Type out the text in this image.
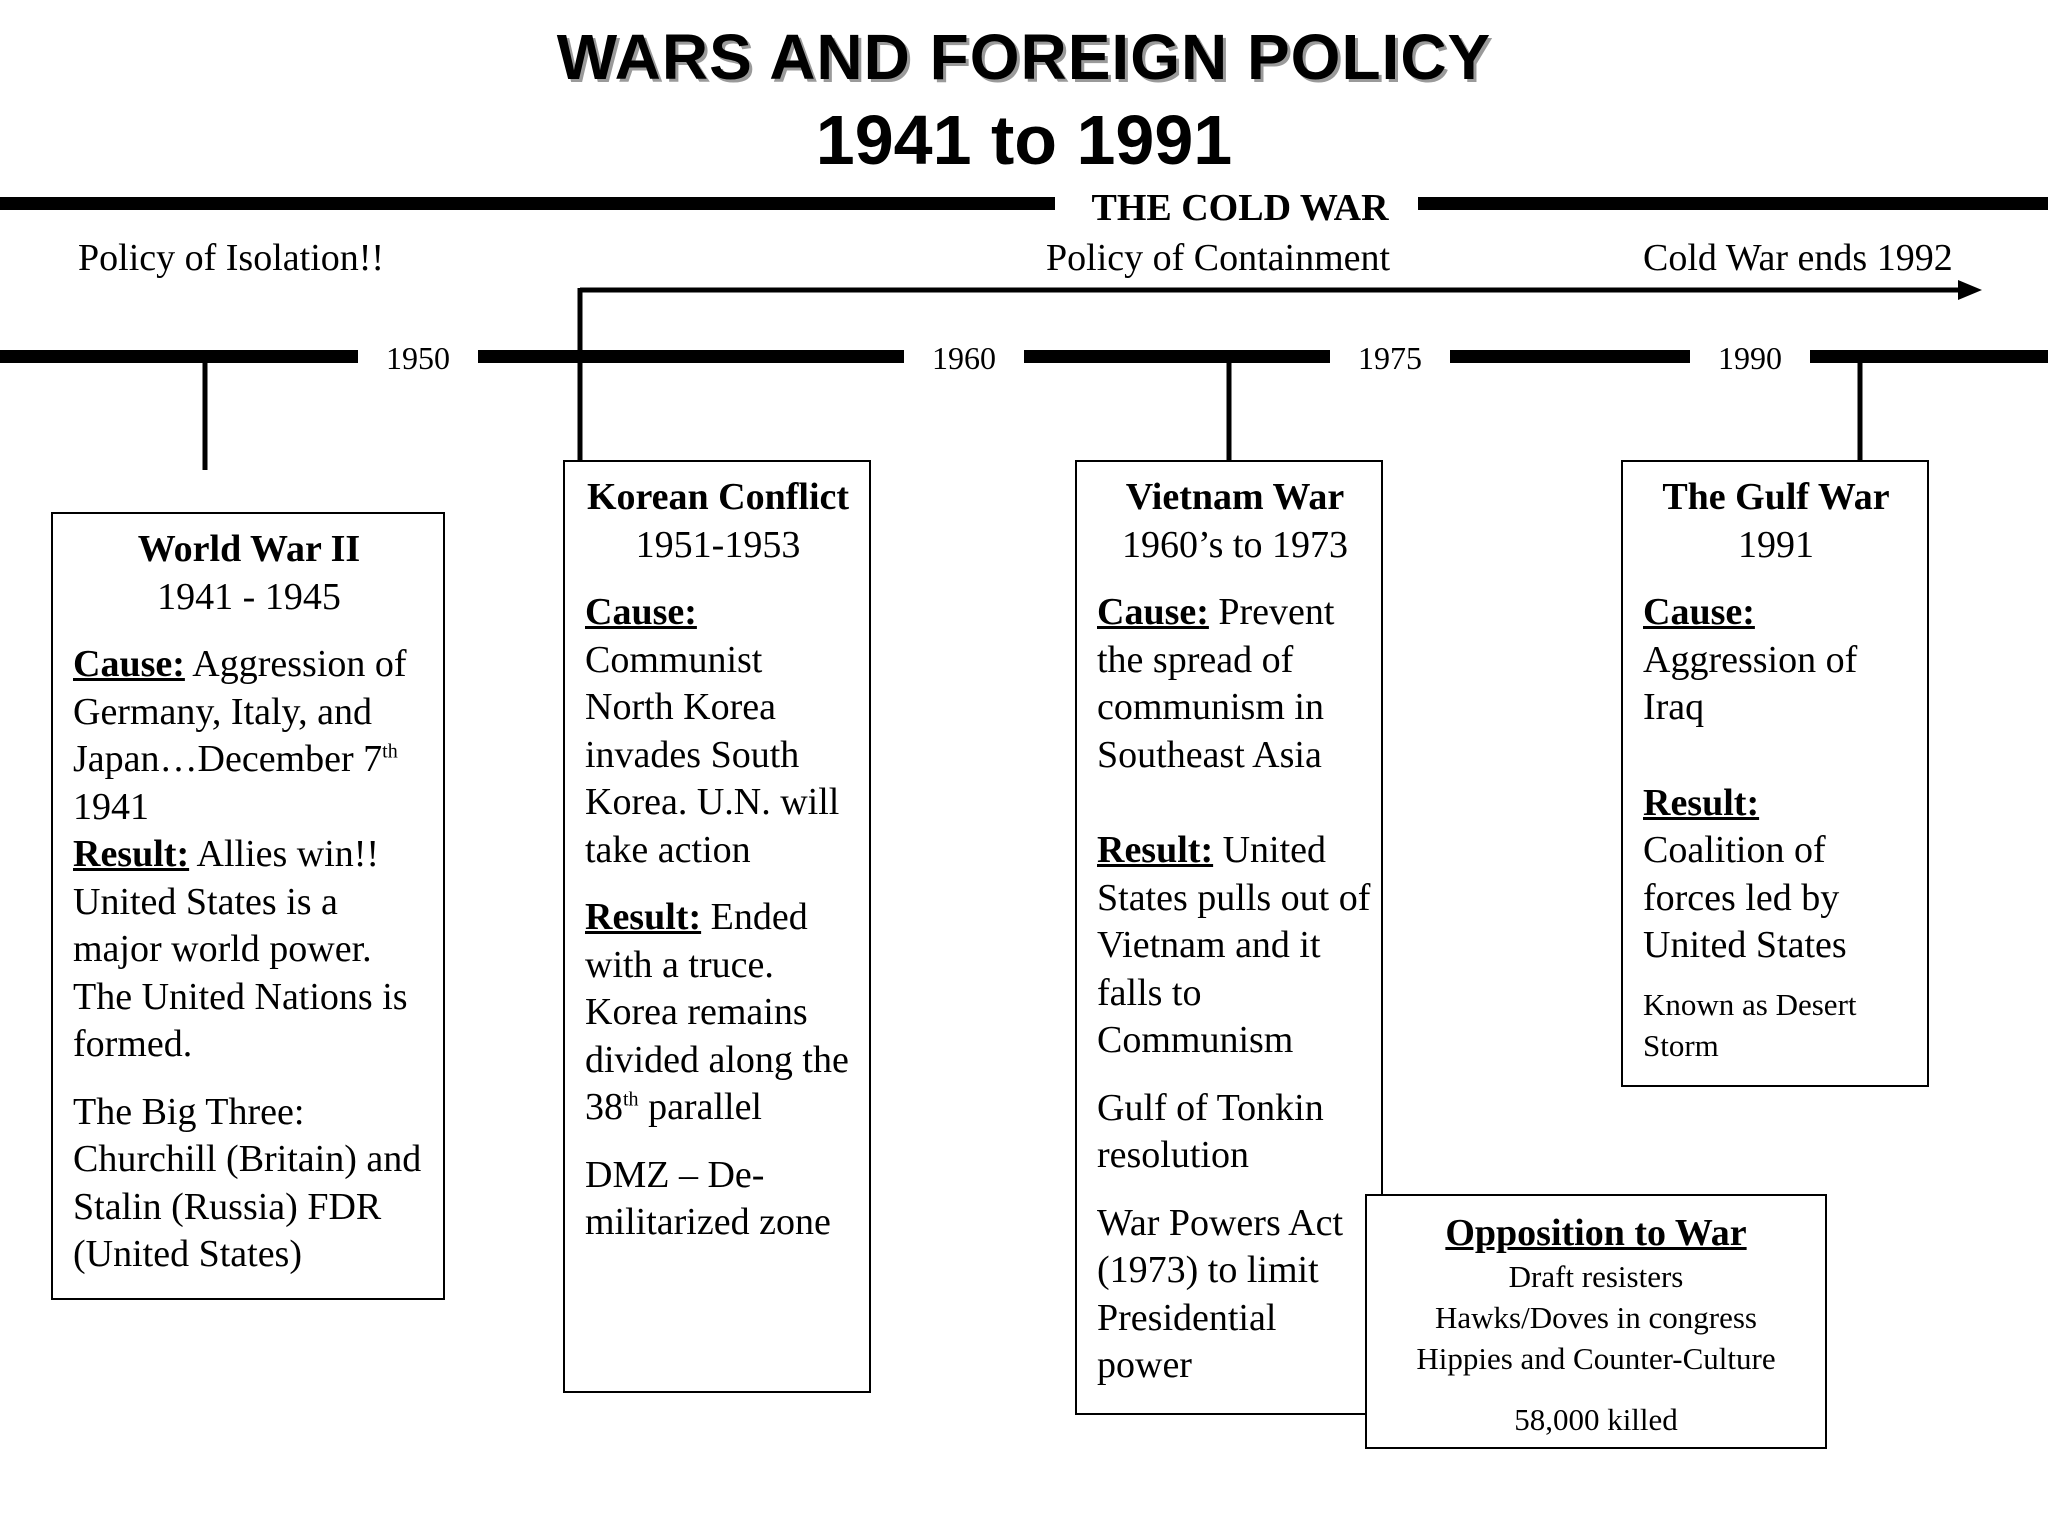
WARS AND FOREIGN POLICY
1941 to 1991
THE COLD WAR
Policy of Isolation!!	Policy of Containment	Cold War ends 1992
1950	1960	1975	1990
World War II
1941 - 1945
Cause: Aggression of Germany, Italy, and Japan…December 7th
1941
Result: Allies win!! United States is a major world power. The United Nations is formed.
The Big Three: Churchill (Britain) and Stalin (Russia) FDR (United States)
Korean Conflict
1951-1953
Cause:
Communist North Korea invades South Korea. U.N. will take action
Result: Ended with a truce. Korea remains divided along the 38th parallel
DMZ – De-militarized zone
Vietnam War
1960’s to 1973
Cause: Prevent the spread of communism in Southeast Asia
Result: United States pulls out of Vietnam and it falls to Communism
Gulf of Tonkin resolution
War Powers Act (1973) to limit Presidential power
The Gulf War
1991
Cause:
Aggression of Iraq
Result:
Coalition of forces led by United States
Known as Desert Storm
Opposition to War
Draft resisters
Hawks/Doves in congress
Hippies and Counter-Culture
58,000 killed
